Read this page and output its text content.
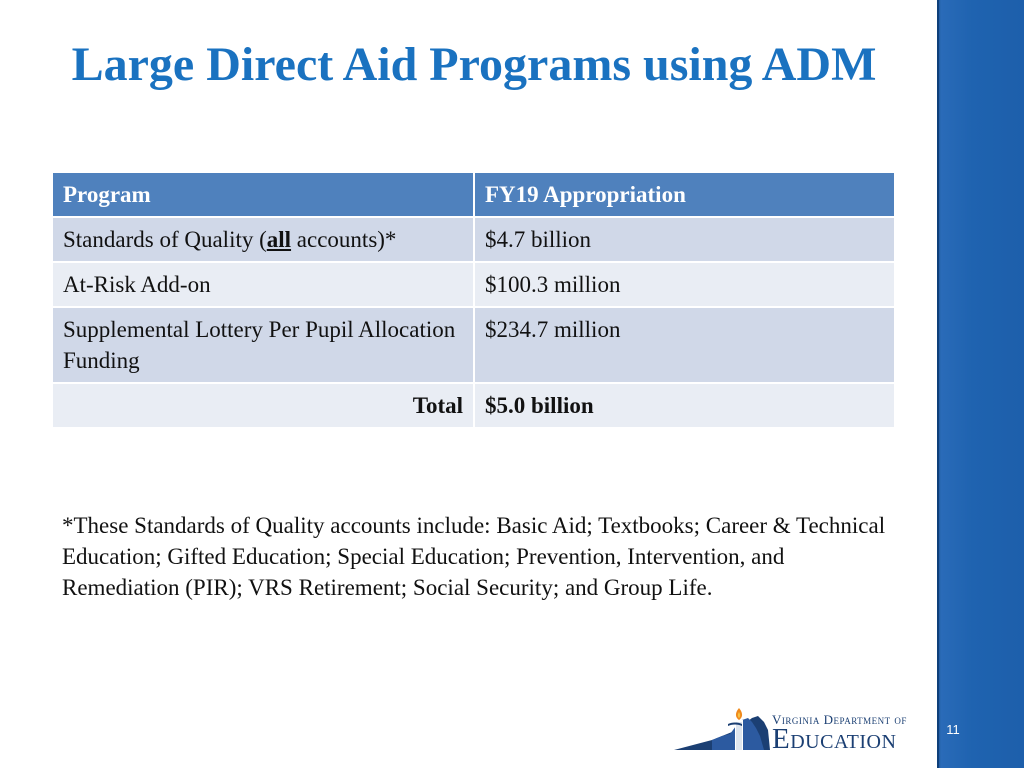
11
Large Direct Aid Programs using ADM
Program	FY19 Appropriation
Standards of Quality (all accounts)*	$4.7 billion
At-Risk Add-on	$100.3 million
Supplemental Lottery Per Pupil Allocation Funding	$234.7 million
Total	$5.0 billion
*These Standards of Quality accounts include: Basic Aid; Textbooks; Career & Technical Education; Gifted Education; Special Education; Prevention, Intervention, and Remediation (PIR); VRS Retirement; Social Security; and Group Life.
Virginia Department of
Education
